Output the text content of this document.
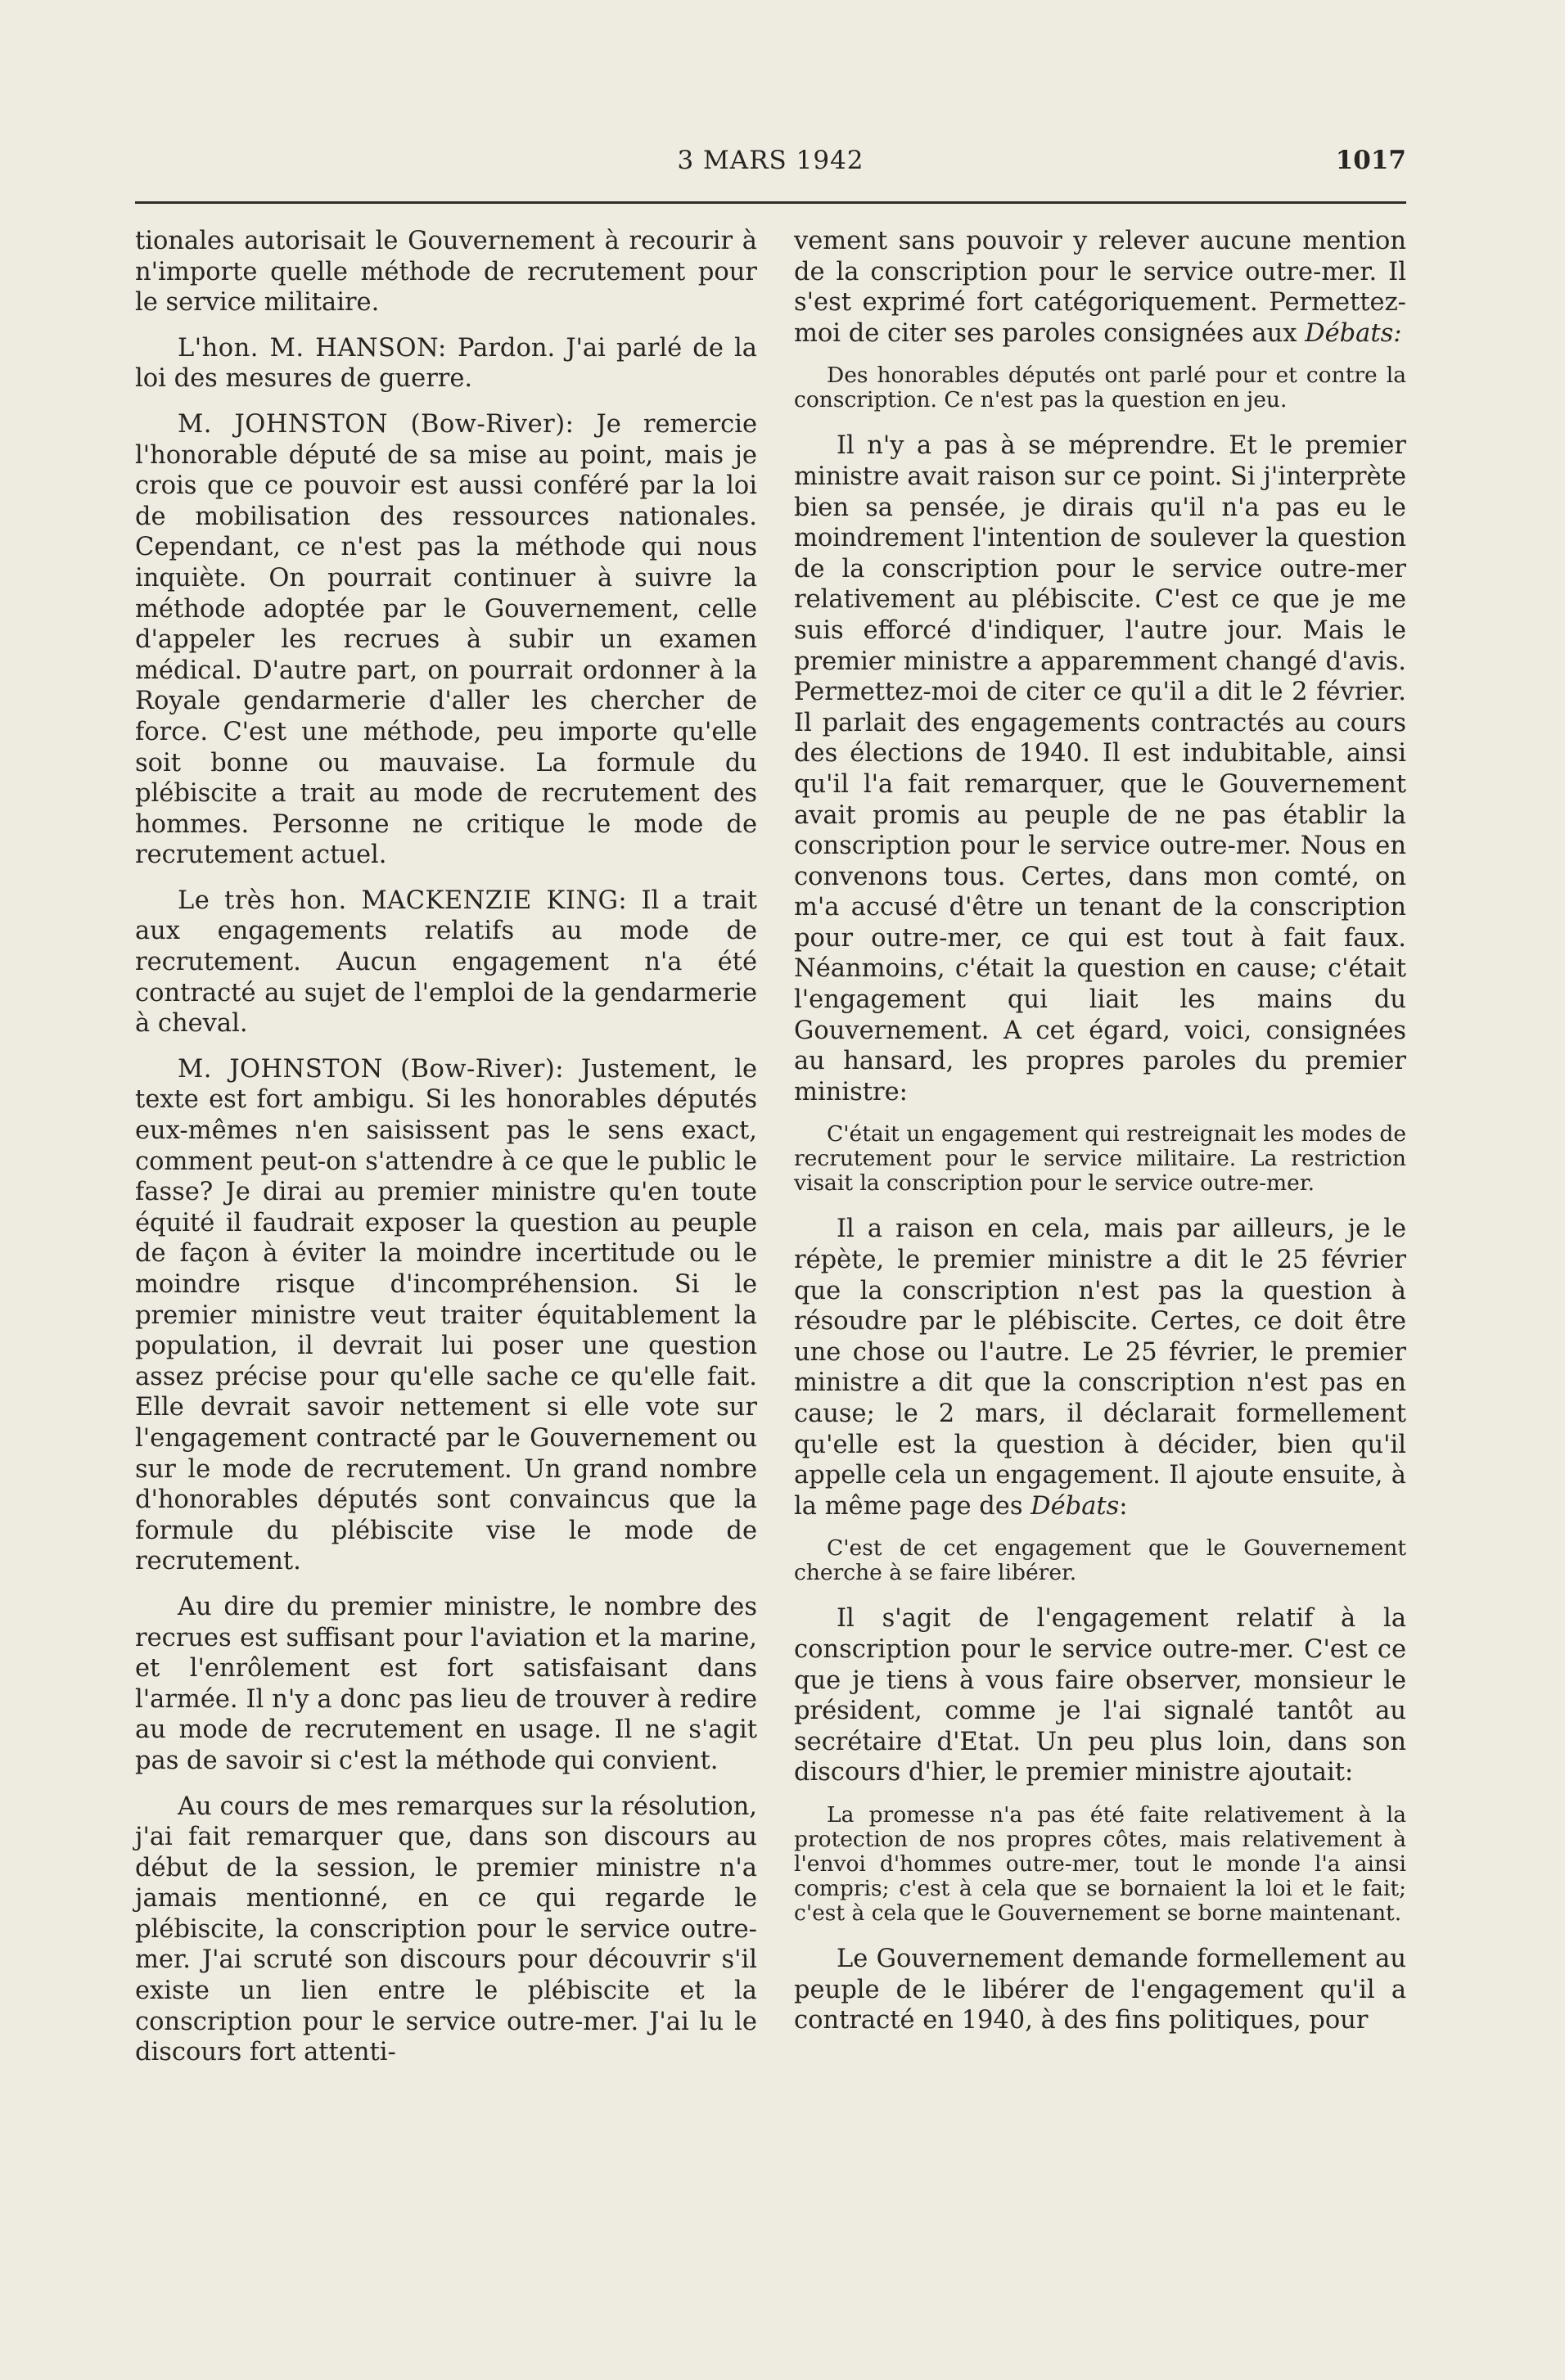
3 MARS 1942	1017

tionales autorisait le Gouvernement à recourir à n'importe quelle méthode de recrutement pour le service militaire.

L'hon. M. HANSON: Pardon. J'ai parlé de la loi des mesures de guerre.

M. JOHNSTON (Bow-River): Je remercie l'honorable député de sa mise au point, mais je crois que ce pouvoir est aussi conféré par la loi de mobilisation des ressources nationales. Cependant, ce n'est pas la méthode qui nous inquiète. On pourrait continuer à suivre la méthode adoptée par le Gouvernement, celle d'appeler les recrues à subir un examen médical. D'autre part, on pourrait ordonner à la Royale gendarmerie d'aller les chercher de force. C'est une méthode, peu importe qu'elle soit bonne ou mauvaise. La formule du plébiscite a trait au mode de recrutement des hommes. Personne ne critique le mode de recrutement actuel.

Le très hon. MACKENZIE KING: Il a trait aux engagements relatifs au mode de recrutement. Aucun engagement n'a été contracté au sujet de l'emploi de la gendarmerie à cheval.

M. JOHNSTON (Bow-River): Justement, le texte est fort ambigu. Si les honorables députés eux-mêmes n'en saisissent pas le sens exact, comment peut-on s'attendre à ce que le public le fasse? Je dirai au premier ministre qu'en toute équité il faudrait exposer la question au peuple de façon à éviter la moindre incertitude ou le moindre risque d'incompréhension. Si le premier ministre veut traiter équitablement la population, il devrait lui poser une question assez précise pour qu'elle sache ce qu'elle fait. Elle devrait savoir nettement si elle vote sur l'engagement contracté par le Gouvernement ou sur le mode de recrutement. Un grand nombre d'honorables députés sont convaincus que la formule du plébiscite vise le mode de recrutement.

Au dire du premier ministre, le nombre des recrues est suffisant pour l'aviation et la marine, et l'enrôlement est fort satisfaisant dans l'armée. Il n'y a donc pas lieu de trouver à redire au mode de recrutement en usage. Il ne s'agit pas de savoir si c'est la méthode qui convient.

Au cours de mes remarques sur la résolution, j'ai fait remarquer que, dans son discours au début de la session, le premier ministre n'a jamais mentionné, en ce qui regarde le plébiscite, la conscription pour le service outre-mer. J'ai scruté son discours pour découvrir s'il existe un lien entre le plébiscite et la conscription pour le service outre-mer. J'ai lu le discours fort attenti-

vement sans pouvoir y relever aucune mention de la conscription pour le service outre-mer. Il s'est exprimé fort catégoriquement. Permettez-moi de citer ses paroles consignées aux Débats:

Des honorables députés ont parlé pour et contre la conscription. Ce n'est pas la question en jeu.

Il n'y a pas à se méprendre. Et le premier ministre avait raison sur ce point. Si j'interprète bien sa pensée, je dirais qu'il n'a pas eu le moindrement l'intention de soulever la question de la conscription pour le service outre-mer relativement au plébiscite. C'est ce que je me suis efforcé d'indiquer, l'autre jour. Mais le premier ministre a apparemment changé d'avis. Permettez-moi de citer ce qu'il a dit le 2 février. Il parlait des engagements contractés au cours des élections de 1940. Il est indubitable, ainsi qu'il l'a fait remarquer, que le Gouvernement avait promis au peuple de ne pas établir la conscription pour le service outre-mer. Nous en convenons tous. Certes, dans mon comté, on m'a accusé d'être un tenant de la conscription pour outre-mer, ce qui est tout à fait faux. Néanmoins, c'était la question en cause; c'était l'engagement qui liait les mains du Gouvernement. A cet égard, voici, consignées au hansard, les propres paroles du premier ministre:

C'était un engagement qui restreignait les modes de recrutement pour le service militaire. La restriction visait la conscription pour le service outre-mer.

Il a raison en cela, mais par ailleurs, je le répète, le premier ministre a dit le 25 février que la conscription n'est pas la question à résoudre par le plébiscite. Certes, ce doit être une chose ou l'autre. Le 25 février, le premier ministre a dit que la conscription n'est pas en cause; le 2 mars, il déclarait formellement qu'elle est la question à décider, bien qu'il appelle cela un engagement. Il ajoute ensuite, à la même page des Débats:

C'est de cet engagement que le Gouvernement cherche à se faire libérer.

Il s'agit de l'engagement relatif à la conscription pour le service outre-mer. C'est ce que je tiens à vous faire observer, monsieur le président, comme je l'ai signalé tantôt au secrétaire d'Etat. Un peu plus loin, dans son discours d'hier, le premier ministre ajoutait:

La promesse n'a pas été faite relativement à la protection de nos propres côtes, mais relativement à l'envoi d'hommes outre-mer, tout le monde l'a ainsi compris; c'est à cela que se bornaient la loi et le fait; c'est à cela que le Gouvernement se borne maintenant.

Le Gouvernement demande formellement au peuple de le libérer de l'engagement qu'il a contracté en 1940, à des fins politiques, pour
